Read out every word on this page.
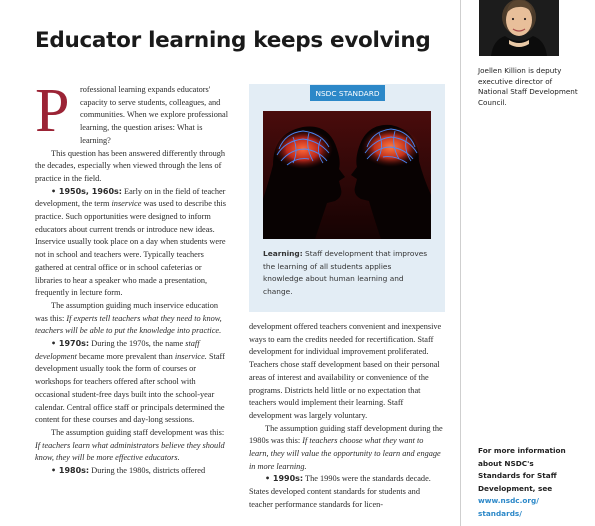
Educator learning keeps evolving
P	rofessional learning expands educators' capacity to serve students, colleagues, and communities. When we explore professional learning, the question arises: What is learning?

This question has been answered differently through the decades, especially when viewed through the lens of practice in the field.

• 1950s, 1960s: Early on in the field of teacher development, the term inservice was used to describe this practice. Such opportunities were designed to inform educators about current trends or introduce new ideas. Inservice usually took place on a day when students were not in school and teachers were. Typically teachers gathered at central office or in school cafeterias or libraries to hear a speaker who made a presentation, frequently in lecture form.

The assumption guiding much inservice education was this: If experts tell teachers what they need to know, teachers will be able to put the knowledge into practice.

• 1970s: During the 1970s, the name staff development became more prevalent than inservice. Staff development usually took the form of courses or workshops for teachers offered after school with occasional student-free days built into the school-year calendar. Central office staff or principals determined the content for these courses and day-long sessions.

The assumption guiding staff development was this: If teachers learn what administrators believe they should know, they will be more effective educators.

• 1980s: During the 1980s, districts offered

NSDC STANDARD
Learning: Staff development that improves the learning of all students applies knowledge about human learning and change.

development offered teachers convenient and inexpensive ways to earn the credits needed for recertification. Staff development for individual improvement proliferated. Teachers chose staff development based on their personal areas of interest and availability or convenience of the programs. Districts held little or no expectation that teachers would implement their learning. Staff development was largely voluntary.

The assumption guiding staff development during the 1980s was this: If teachers choose what they want to learn, they will value the opportunity to learn and engage in more learning.

• 1990s: The 1990s were the standards decade. States developed content standards for students and teacher performance standards for licen-

Joellen Killion is deputy executive director of National Staff Development Council.
For more information about NSDC's Standards for Staff Development, see
www.nsdc.org/
standards/
